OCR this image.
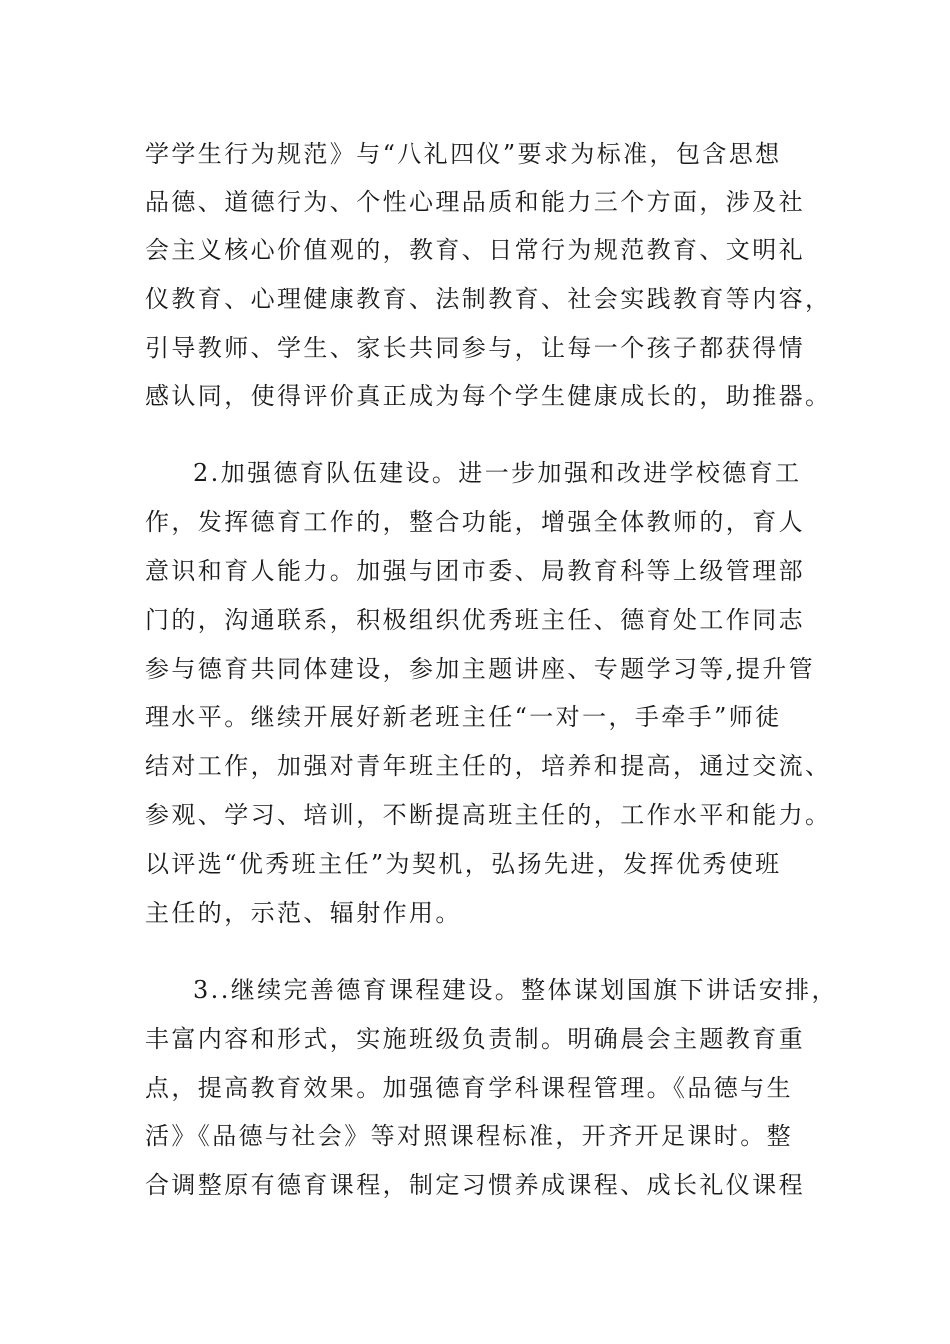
学学生行为规范》与“八礼四仪”要求为标准，包含思想
品德、道德行为、个性心理品质和能力三个方面，涉及社
会主义核心价值观的，教育、日常行为规范教育、文明礼
仪教育、心理健康教育、法制教育、社会实践教育等内容，
引导教师、学生、家长共同参与，让每一个孩子都获得情
感认同，使得评价真正成为每个学生健康成长的，助推器。
2.加强德育队伍建设。进一步加强和改进学校德育工
作，发挥德育工作的，整合功能，增强全体教师的，育人
意识和育人能力。加强与团市委、局教育科等上级管理部
门的，沟通联系，积极组织优秀班主任、德育处工作同志
参与德育共同体建设，参加主题讲座、专题学习等,提升管
理水平。继续开展好新老班主任“一对一，手牵手”师徒
结对工作，加强对青年班主任的，培养和提高，通过交流、
参观、学习、培训，不断提高班主任的，工作水平和能力。
以评选“优秀班主任”为契机，弘扬先进，发挥优秀使班
主任的，示范、辐射作用。
3..继续完善德育课程建设。整体谋划国旗下讲话安排，
丰富内容和形式，实施班级负责制。明确晨会主题教育重
点，提高教育效果。加强德育学科课程管理。《品德与生
活》《品德与社会》等对照课程标准，开齐开足课时。整
合调整原有德育课程，制定习惯养成课程、成长礼仪课程
